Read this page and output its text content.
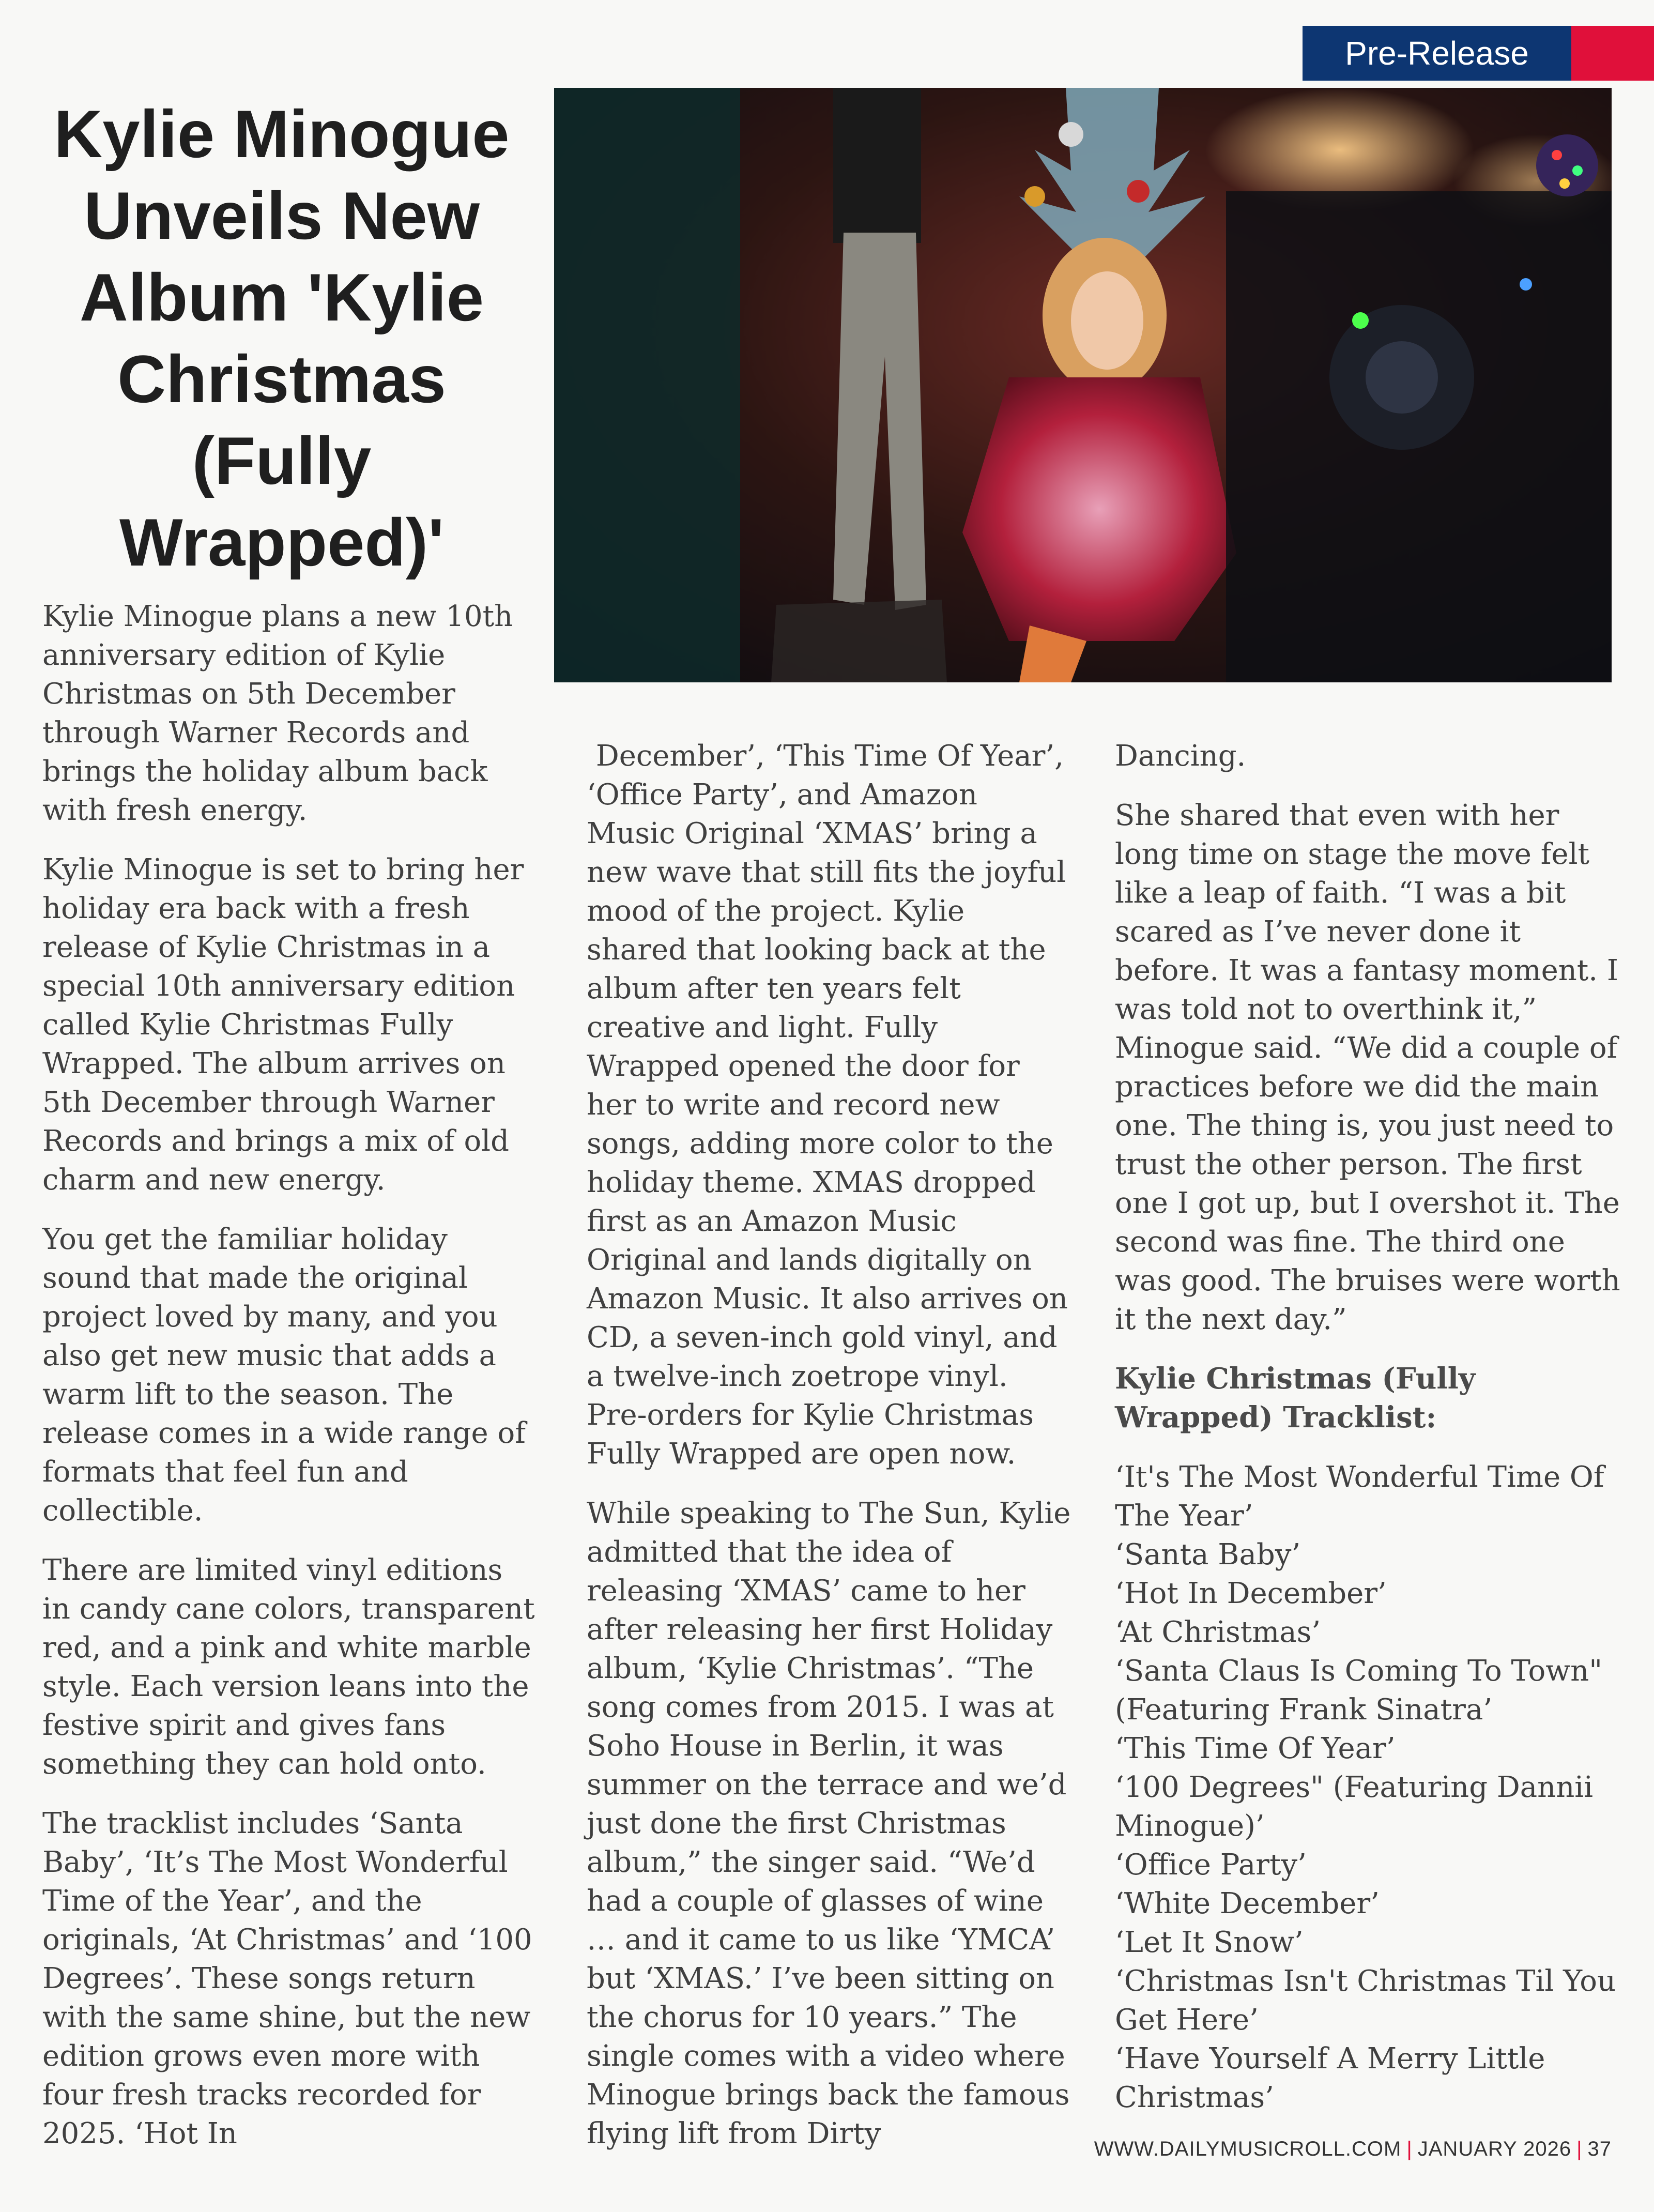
Pre-Release
Kylie Minogue Unveils New Album 'Kylie Christmas (Fully Wrapped)'

Kylie Minogue plans a new 10th anniversary edition of Kylie Christmas on 5th December through Warner Records and brings the holiday album back with fresh energy.

Kylie Minogue is set to bring her holiday era back with a fresh release of Kylie Christmas in a special 10th anniversary edition called Kylie Christmas Fully Wrapped. The album arrives on 5th December through Warner Records and brings a mix of old charm and new energy.

You get the familiar holiday sound that made the original project loved by many, and you also get new music that adds a warm lift to the season. The release comes in a wide range of formats that feel fun and collectible.

There are limited vinyl editions in candy cane colors, transparent red, and a pink and white marble style. Each version leans into the festive spirit and gives fans something they can hold onto.

The tracklist includes ‘Santa Baby’, ‘It’s The Most Wonderful Time of the Year’, and the originals, ‘At Christmas’ and ‘100 Degrees’. These songs return with the same shine, but the new edition grows even more with four fresh tracks recorded for 2025. ‘Hot In

December’, ‘This Time Of Year’, ‘Office Party’, and Amazon Music Original ‘XMAS’ bring a new wave that still fits the joyful mood of the project. Kylie shared that looking back at the album after ten years felt creative and light. Fully Wrapped opened the door for her to write and record new songs, adding more color to the holiday theme. XMAS dropped first as an Amazon Music Original and lands digitally on Amazon Music. It also arrives on CD, a seven-inch gold vinyl, and a twelve-inch zoetrope vinyl. Pre-orders for Kylie Christmas Fully Wrapped are open now.

While speaking to The Sun, Kylie admitted that the idea of releasing ‘XMAS’ came to her after releasing her first Holiday album, ‘Kylie Christmas’. “The song comes from 2015. I was at Soho House in Berlin, it was summer on the terrace and we’d just done the first Christmas album,” the singer said. “We’d had a couple of glasses of wine … and it came to us like ‘YMCA’ but ‘XMAS.’ I’ve been sitting on the chorus for 10 years.” The single comes with a video where Minogue brings back the famous flying lift from Dirty

Dancing.

She shared that even with her long time on stage the move felt like a leap of faith. “I was a bit scared as I’ve never done it before. It was a fantasy moment. I was told not to overthink it,” Minogue said. “We did a couple of practices before we did the main one. The thing is, you just need to trust the other person. The first one I got up, but I overshot it. The second was fine. The third one was good. The bruises were worth it the next day.”

Kylie Christmas (Fully Wrapped) Tracklist:

‘It's The Most Wonderful Time Of The Year’
‘Santa Baby’
‘Hot In December’
‘At Christmas’
‘Santa Claus Is Coming To Town" (Featuring Frank Sinatra’
‘This Time Of Year’
‘100 Degrees" (Featuring Dannii Minogue)’
‘Office Party’
‘White December’
‘Let It Snow’
‘Christmas Isn't Christmas Til You Get Here’
‘Have Yourself A Merry Little Christmas’
WWW.DAILYMUSICROLL.COM | JANUARY 2026 | 37
